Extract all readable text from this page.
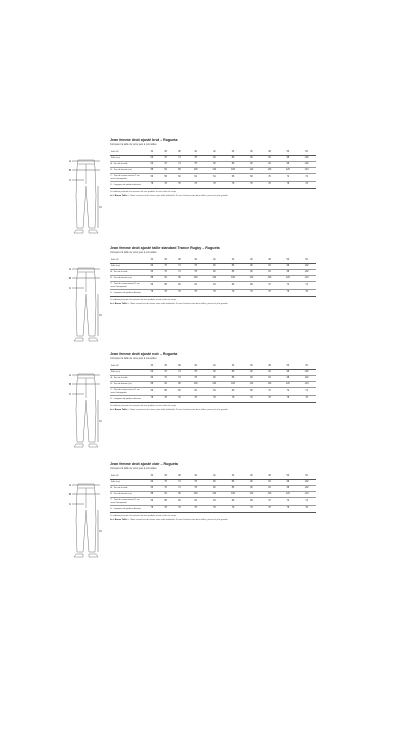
A
B
C
D
Jean femme droit ajusté brut – Rugueta
Comparer la taille de votre jean à nos tailles
Taille FR	34	36	38	40	42	44	46	48	50	52
Taille (cm)	66	70	74	78	82	86	90	94	98	102
A : Tour de la taille	66	70	74	78	82	86	90	94	98	102
B : Tour de bassin (cm)	88	92	96	100	104	108	112	116	120	124
C : Tour de cuisse mesuré 5 cm sous l'entrejambe	56	58	60	62	64	66	68	70	72	74
D : Longueur de jambe intérieure	78	78	78	78	78	78	78	78	78	78
Ce tableau présente les mesures de nos produits et non celles du corps.
La « Bonne Taille » : Notre conseil est de choisir votre taille habituelle. Si vous hésitez entre deux tailles, prenez la plus grande.
A
B
C
D
Jean femme droit ajusté taille standard Trance Rugby – Rugueta
Comparer la taille de votre jean à nos tailles
Taille FR	34	36	38	40	42	44	46	48	50	52
Taille (cm)	66	70	74	78	82	86	90	94	98	102
A : Tour de la taille	66	70	74	78	82	86	90	94	98	102
B : Tour de bassin (cm)	88	92	96	100	104	108	112	116	120	124
C : Tour de cuisse mesuré 5 cm sous l'entrejambe	56	58	60	62	64	66	68	70	72	74
D : Longueur de jambe intérieure	78	78	78	78	78	78	78	78	78	78
Ce tableau présente les mesures de nos produits et non celles du corps.
La « Bonne Taille » : Notre conseil est de choisir votre taille habituelle. Si vous hésitez entre deux tailles, prenez la plus grande.
A
B
C
D
Jean femme droit ajusté noir – Rugueta
Comparer la taille de votre jean à nos tailles
Taille FR	34	36	38	40	42	44	46	48	50	52
Taille (cm)	66	70	74	78	82	86	90	94	98	102
A : Tour de la taille	66	70	74	78	82	86	90	94	98	102
B : Tour de bassin (cm)	88	92	96	100	104	108	112	116	120	124
C : Tour de cuisse mesuré 5 cm sous l'entrejambe	56	58	60	62	64	66	68	70	72	74
D : Longueur de jambe intérieure	78	78	78	78	78	78	78	78	78	78
Ce tableau présente les mesures de nos produits et non celles du corps.
La « Bonne Taille » : Notre conseil est de choisir votre taille habituelle. Si vous hésitez entre deux tailles, prenez la plus grande.
A
B
C
D
Jean femme droit ajusté clair – Rugueta
Comparer la taille de votre jean à nos tailles
Taille FR	34	36	38	40	42	44	46	48	50	52
Taille (cm)	66	70	74	78	82	86	90	94	98	102
A : Tour de la taille	66	70	74	78	82	86	90	94	98	102
B : Tour de bassin (cm)	88	92	96	100	104	108	112	116	120	124
C : Tour de cuisse mesuré 5 cm sous l'entrejambe	56	58	60	62	64	66	68	70	72	74
D : Longueur de jambe intérieure	78	78	78	78	78	78	78	78	78	78
Ce tableau présente les mesures de nos produits et non celles du corps.
La « Bonne Taille » : Notre conseil est de choisir votre taille habituelle. Si vous hésitez entre deux tailles, prenez la plus grande.
